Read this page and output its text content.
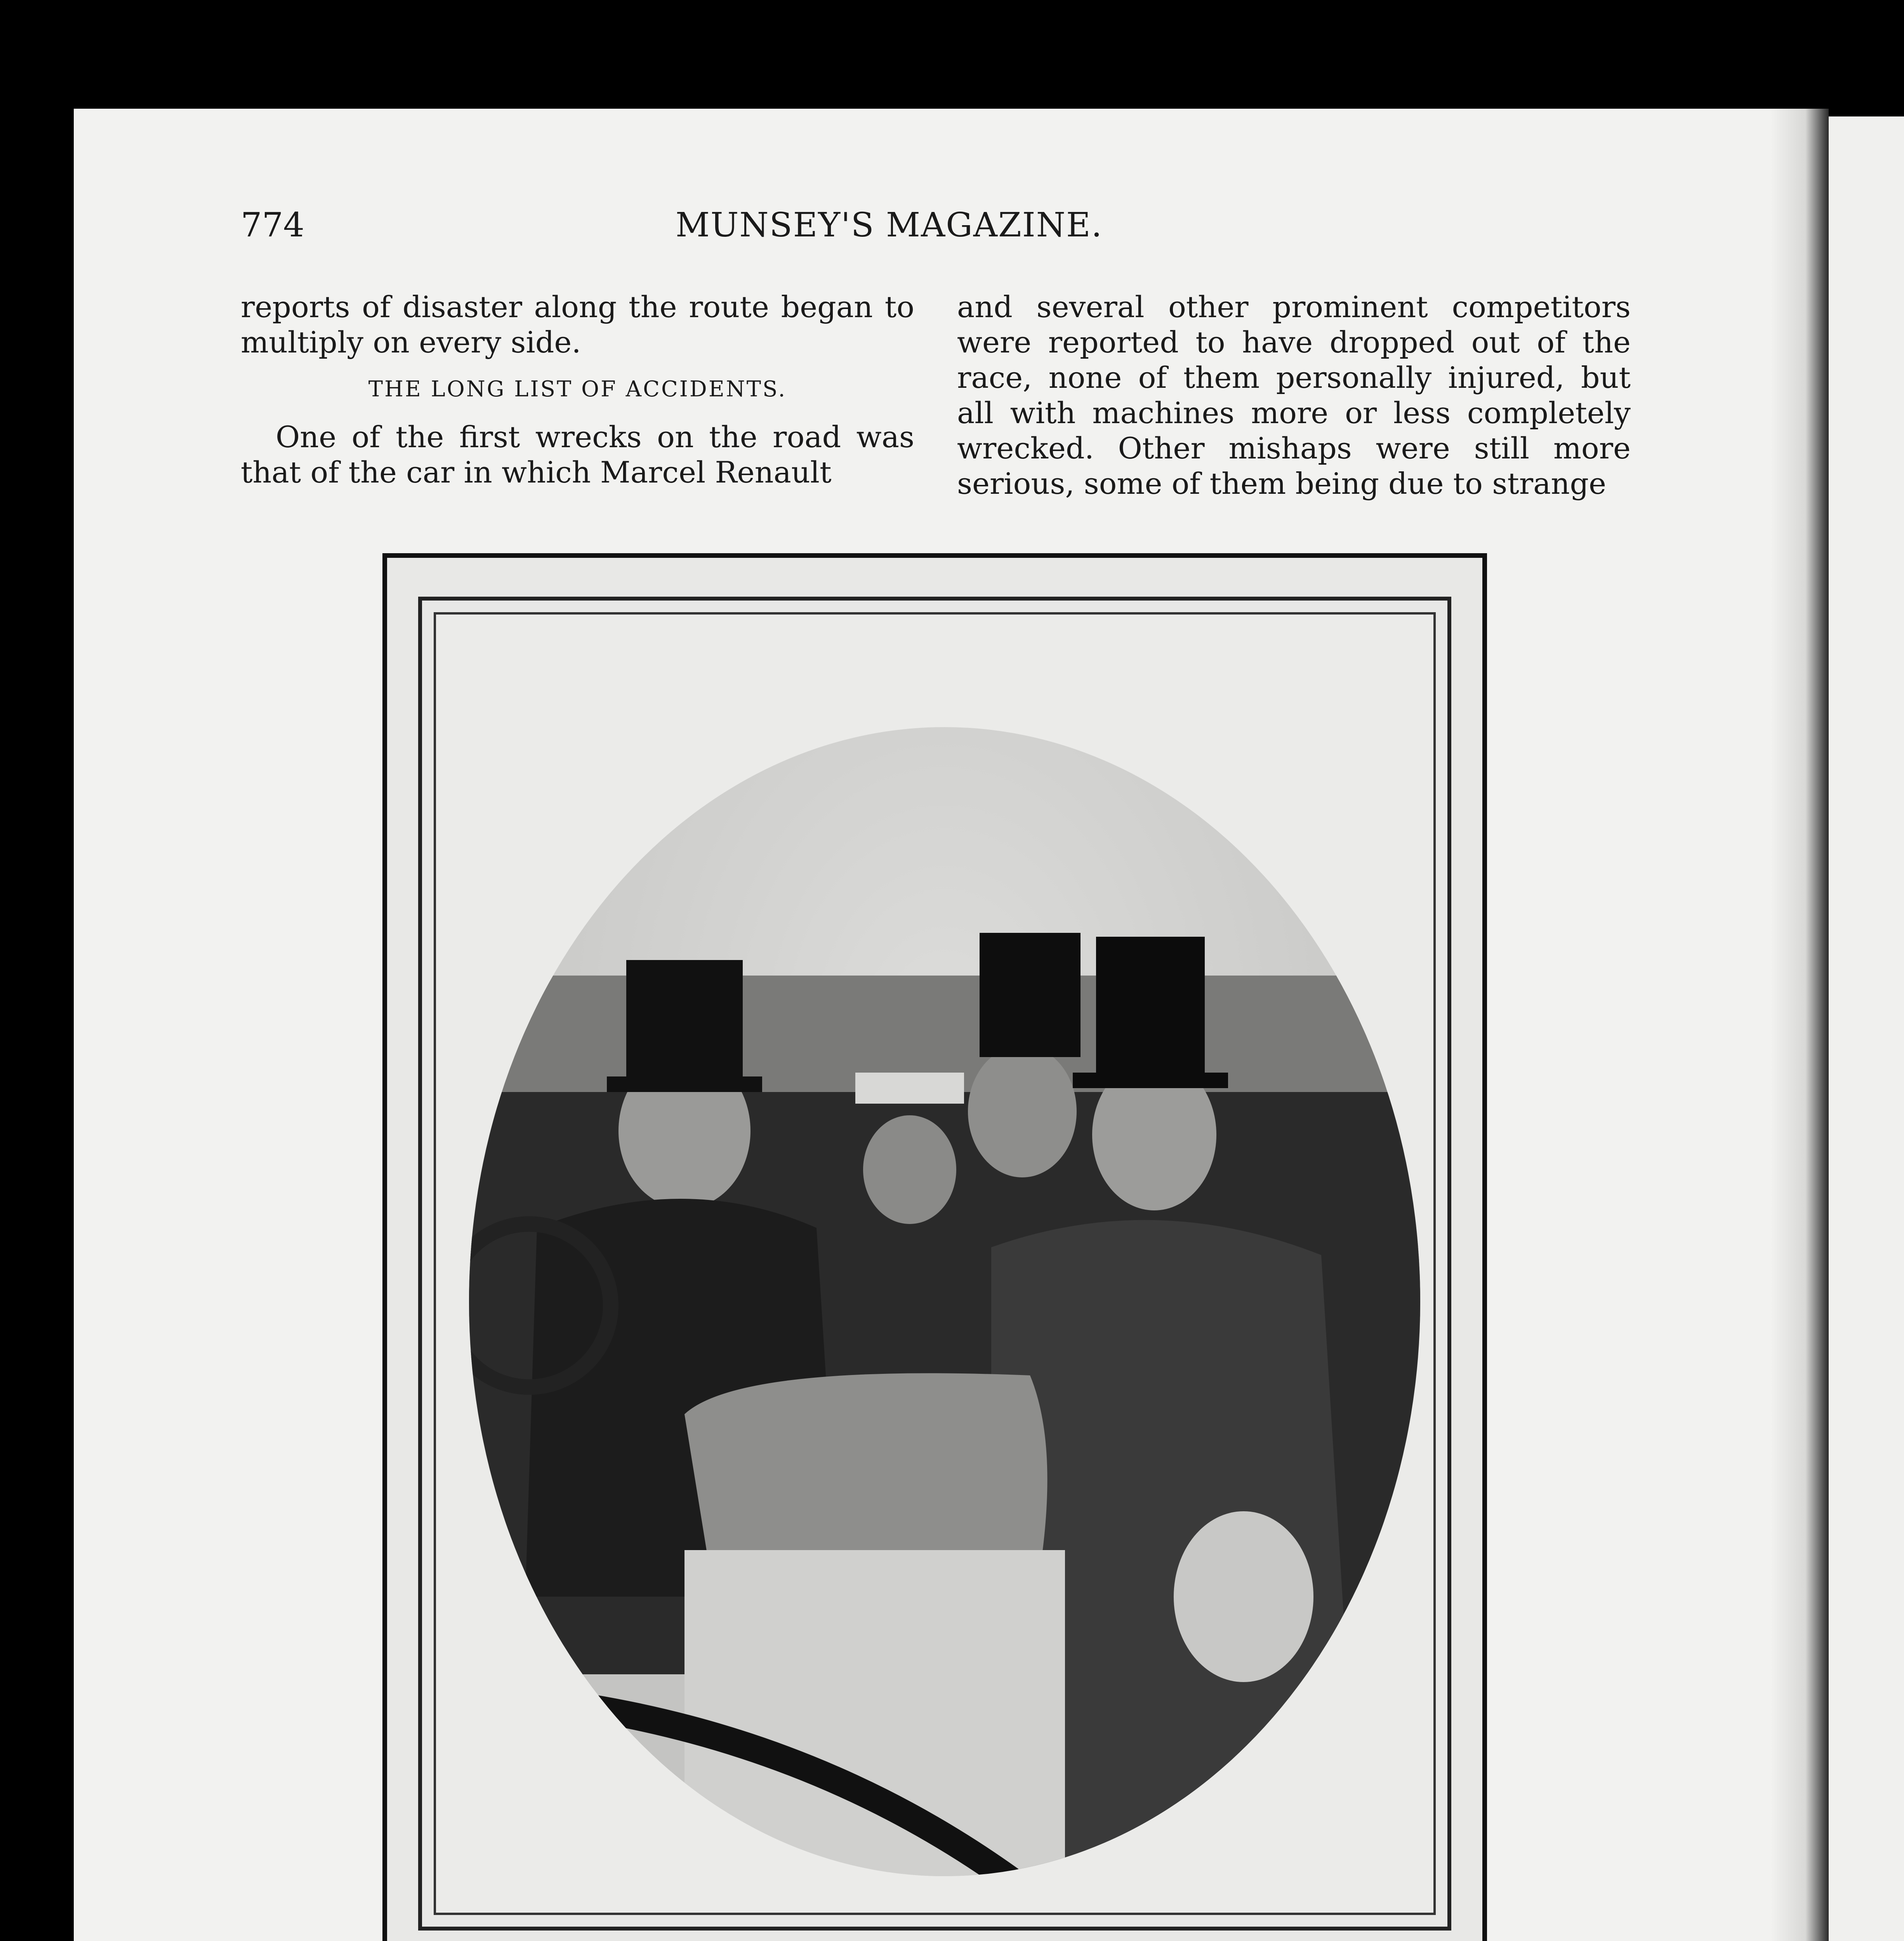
774	MUNSEY'S MAGAZINE.

reports of disaster along the route began to multiply on every side.

THE LONG LIST OF ACCIDENTS.

One of the first wrecks on the road was that of the car in which Marcel Renault

and several other prominent competitors were reported to have dropped out of the race, none of them personally injured, but all with machines more or less completely wrecked. Other mishaps were still more serious, some of them being due to strange
